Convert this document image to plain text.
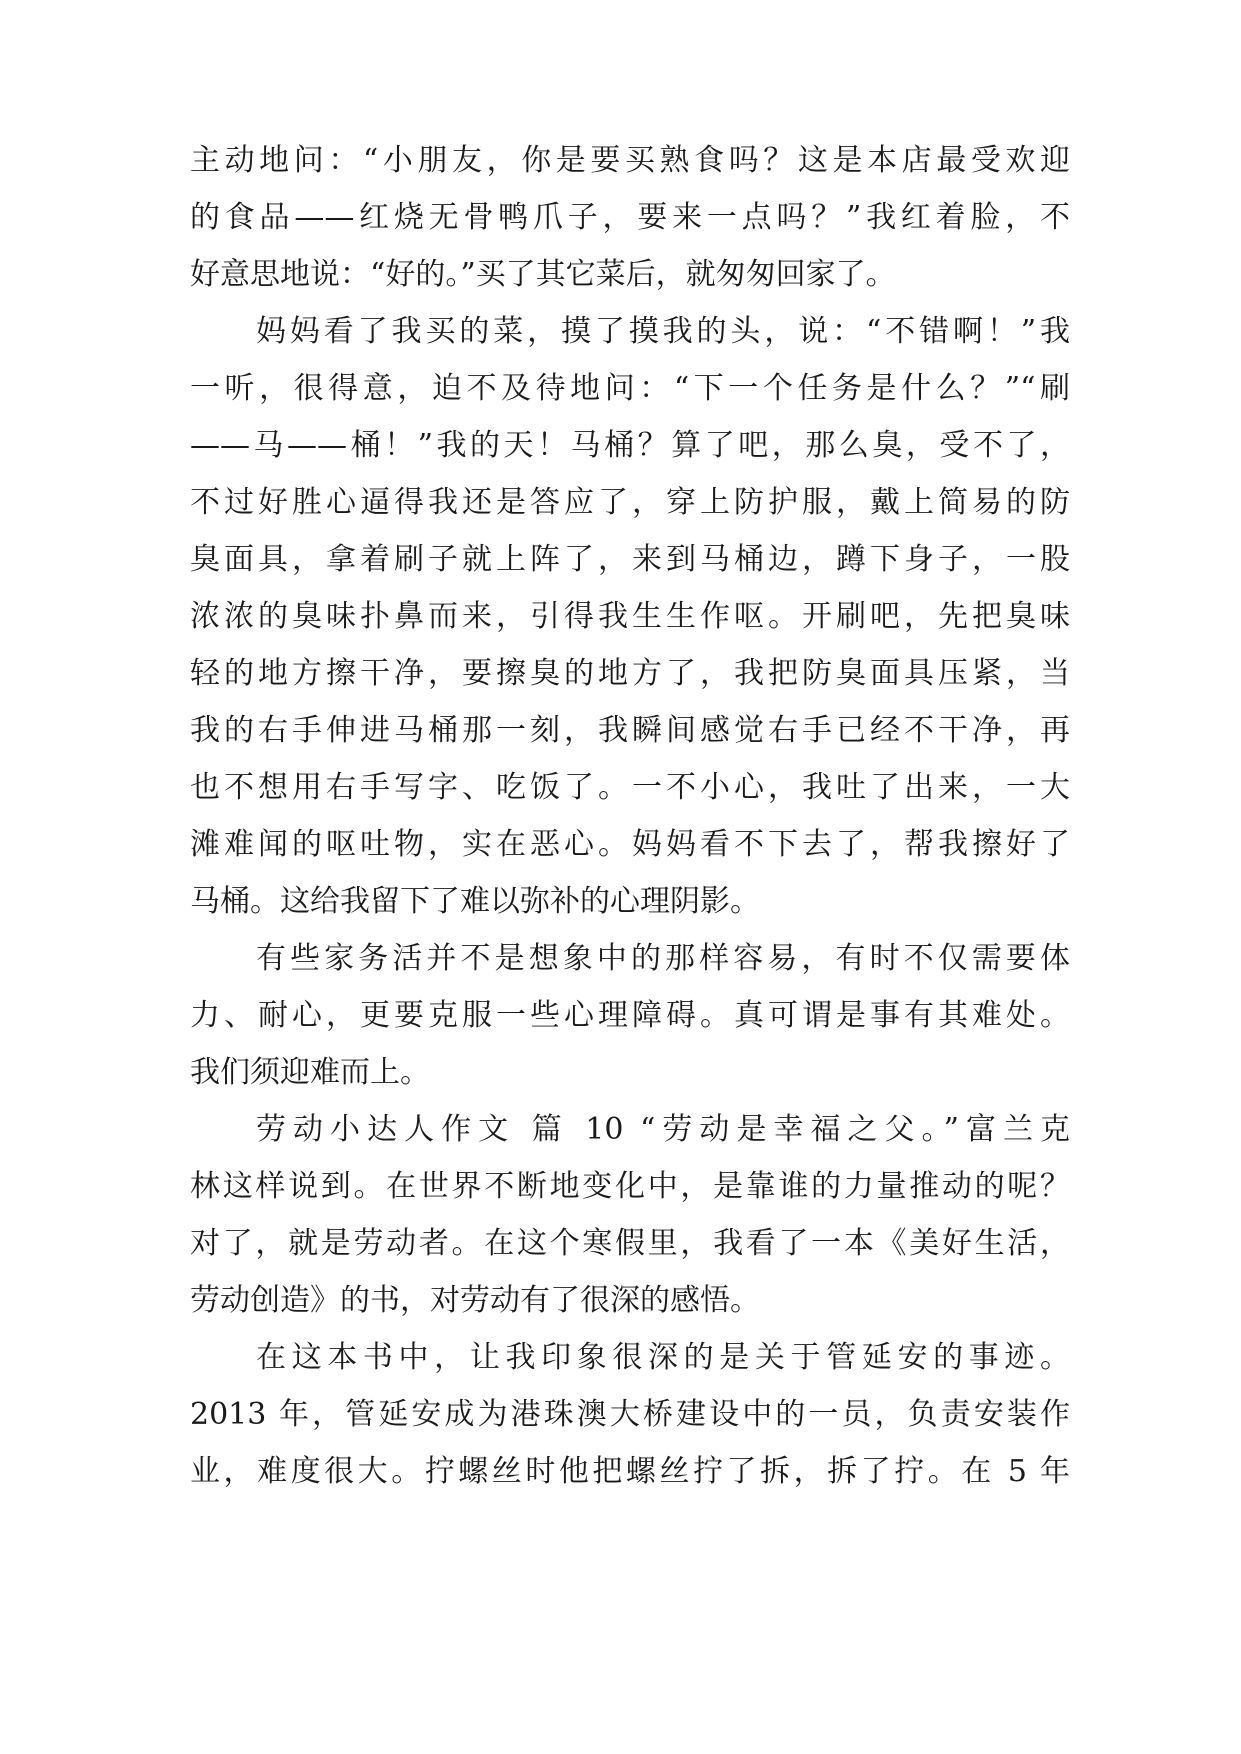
主动地问：“小朋友，你是要买熟食吗？这是本店最受欢迎
的食品——红烧无骨鸭爪子，要来一点吗？”我红着脸，不
好意思地说：“好的。”买了其它菜后，就匆匆回家了。
妈妈看了我买的菜，摸了摸我的头，说：“不错啊！”我
一听，很得意，迫不及待地问：“下一个任务是什么？”“刷
——马——桶！”我的天！马桶？算了吧，那么臭，受不了，
不过好胜心逼得我还是答应了，穿上防护服，戴上简易的防
臭面具，拿着刷子就上阵了，来到马桶边，蹲下身子，一股
浓浓的臭味扑鼻而来，引得我生生作呕。开刷吧，先把臭味
轻的地方擦干净，要擦臭的地方了，我把防臭面具压紧，当
我的右手伸进马桶那一刻，我瞬间感觉右手已经不干净，再
也不想用右手写字、吃饭了。一不小心，我吐了出来，一大
滩难闻的呕吐物，实在恶心。妈妈看不下去了，帮我擦好了
马桶。这给我留下了难以弥补的心理阴影。
有些家务活并不是想象中的那样容易，有时不仅需要体
力、耐心，更要克服一些心理障碍。真可谓是事有其难处。
我们须迎难而上。
劳动小达人作文 篇 10 “劳动是幸福之父。”富兰克
林这样说到。在世界不断地变化中，是靠谁的力量推动的呢？
对了，就是劳动者。在这个寒假里，我看了一本《美好生活，
劳动创造》的书，对劳动有了很深的感悟。
在这本书中，让我印象很深的是关于管延安的事迹。
2013 年，管延安成为港珠澳大桥建设中的一员，负责安装作
业，难度很大。拧螺丝时他把螺丝拧了拆，拆了拧。在 5 年
